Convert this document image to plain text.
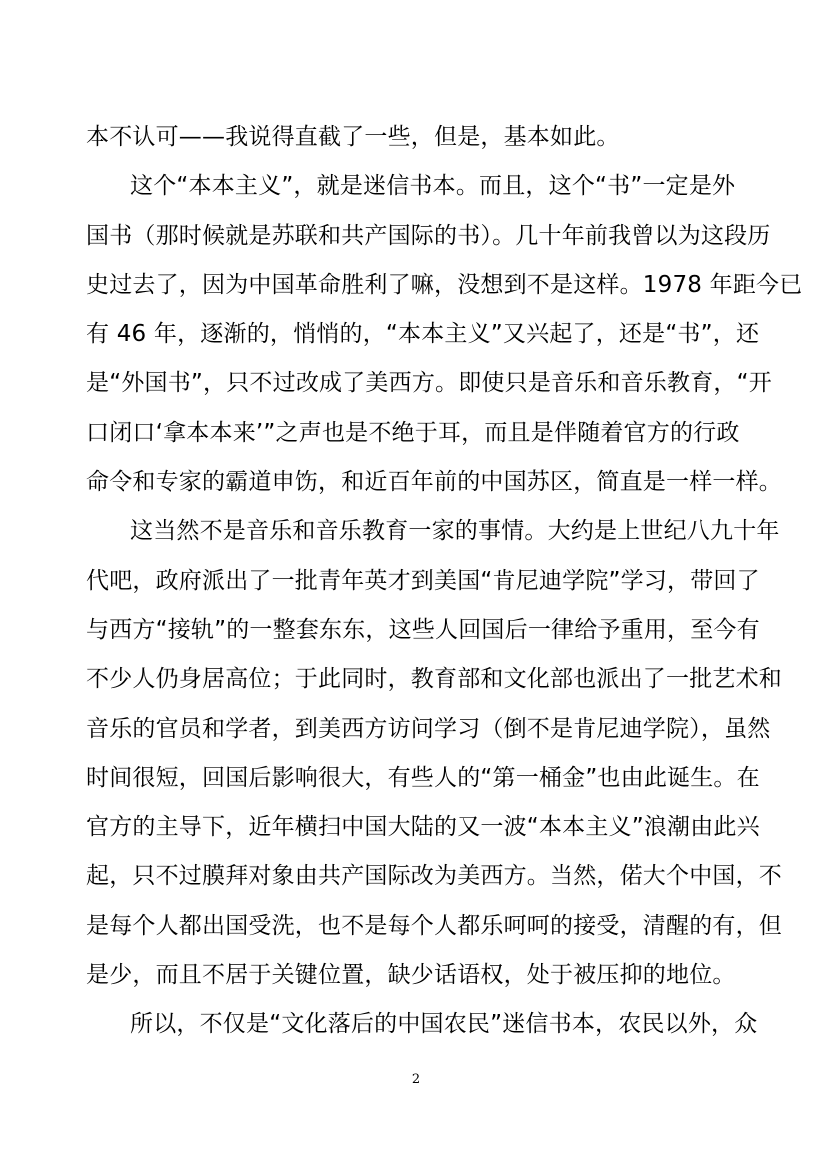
本不认可——我说得直截了一些，但是，基本如此。
这个“本本主义”，就是迷信书本。而且，这个“书”一定是外
国书（那时候就是苏联和共产国际的书）。几十年前我曾以为这段历
史过去了，因为中国革命胜利了嘛，没想到不是这样。1978 年距今已
有 46 年，逐渐的，悄悄的，“本本主义”又兴起了，还是“书”，还
是“外国书”，只不过改成了美西方。即使只是音乐和音乐教育，“开
口闭口‘拿本本来’”之声也是不绝于耳，而且是伴随着官方的行政
命令和专家的霸道申饬，和近百年前的中国苏区，简直是一样一样。
这当然不是音乐和音乐教育一家的事情。大约是上世纪八九十年
代吧，政府派出了一批青年英才到美国“肯尼迪学院”学习，带回了
与西方“接轨”的一整套东东，这些人回国后一律给予重用，至今有
不少人仍身居高位；于此同时，教育部和文化部也派出了一批艺术和
音乐的官员和学者，到美西方访问学习（倒不是肯尼迪学院），虽然
时间很短，回国后影响很大，有些人的“第一桶金”也由此诞生。在
官方的主导下，近年横扫中国大陆的又一波“本本主义”浪潮由此兴
起，只不过膜拜对象由共产国际改为美西方。当然，偌大个中国，不
是每个人都出国受洗，也不是每个人都乐呵呵的接受，清醒的有，但
是少，而且不居于关键位置，缺少话语权，处于被压抑的地位。
所以，不仅是“文化落后的中国农民”迷信书本，农民以外，众
2
